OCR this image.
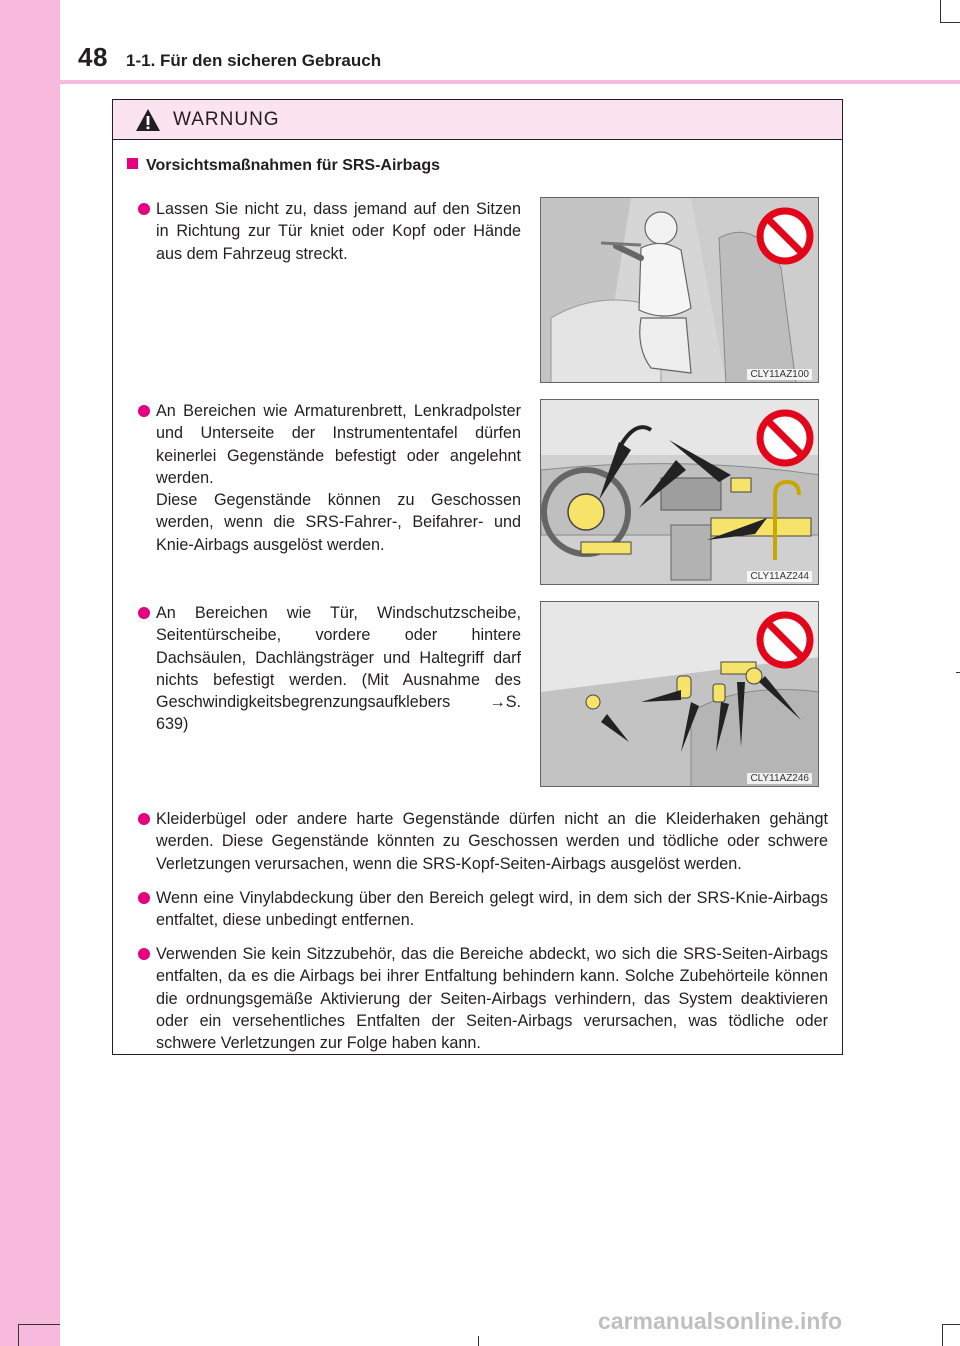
48 1-1. Für den sicheren Gebrauch
WARNUNG
Vorsichtsmaßnahmen für SRS-Airbags
Lassen Sie nicht zu, dass jemand auf den Sitzen in Richtung zur Tür kniet oder Kopf oder Hände aus dem Fahrzeug streckt.
An Bereichen wie Armaturenbrett, Lenkradpolster und Unterseite der Instrumententafel dürfen keinerlei Gegenstände befestigt oder angelehnt werden.
Diese Gegenstände können zu Geschossen werden, wenn die SRS-Fahrer-, Beifahrer- und Knie-Airbags ausgelöst werden.
An Bereichen wie Tür, Windschutzscheibe, Seitentürscheibe, vordere oder hintere Dachsäulen, Dachlängsträger und Haltegriff darf nichts befestigt werden. (Mit Ausnahme des Geschwindigkeitsbegrenzungsaufklebers →S. 639)
Kleiderbügel oder andere harte Gegenstände dürfen nicht an die Kleiderhaken gehängt werden. Diese Gegenstände könnten zu Geschossen werden und tödliche oder schwere Verletzungen verursachen, wenn die SRS-Kopf-Seiten-Airbags ausgelöst werden.
Wenn eine Vinylabdeckung über den Bereich gelegt wird, in dem sich der SRS-Knie-Airbags entfaltet, diese unbedingt entfernen.
Verwenden Sie kein Sitzzubehör, das die Bereiche abdeckt, wo sich die SRS-Seiten-Airbags entfalten, da es die Airbags bei ihrer Entfaltung behindern kann. Solche Zubehörteile können die ordnungsgemäße Aktivierung der Seiten-Airbags verhindern, das System deaktivieren oder ein versehentliches Entfalten der Seiten-Airbags verursachen, was tödliche oder schwere Verletzungen zur Folge haben kann.
CLY11AZ100
CLY11AZ244
CLY11AZ246
carmanualsonline.info
